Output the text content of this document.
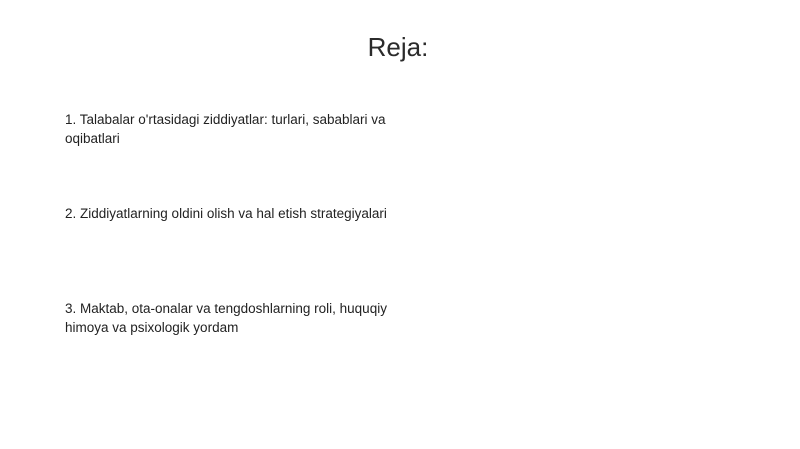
Reja:
1. Talabalar o'rtasidagi ziddiyatlar: turlari, sabablari va oqibatlari
2. Ziddiyatlarning oldini olish va hal etish strategiyalari
3. Maktab, ota-onalar va tengdoshlarning roli, huquqiy himoya va psixologik yordam
